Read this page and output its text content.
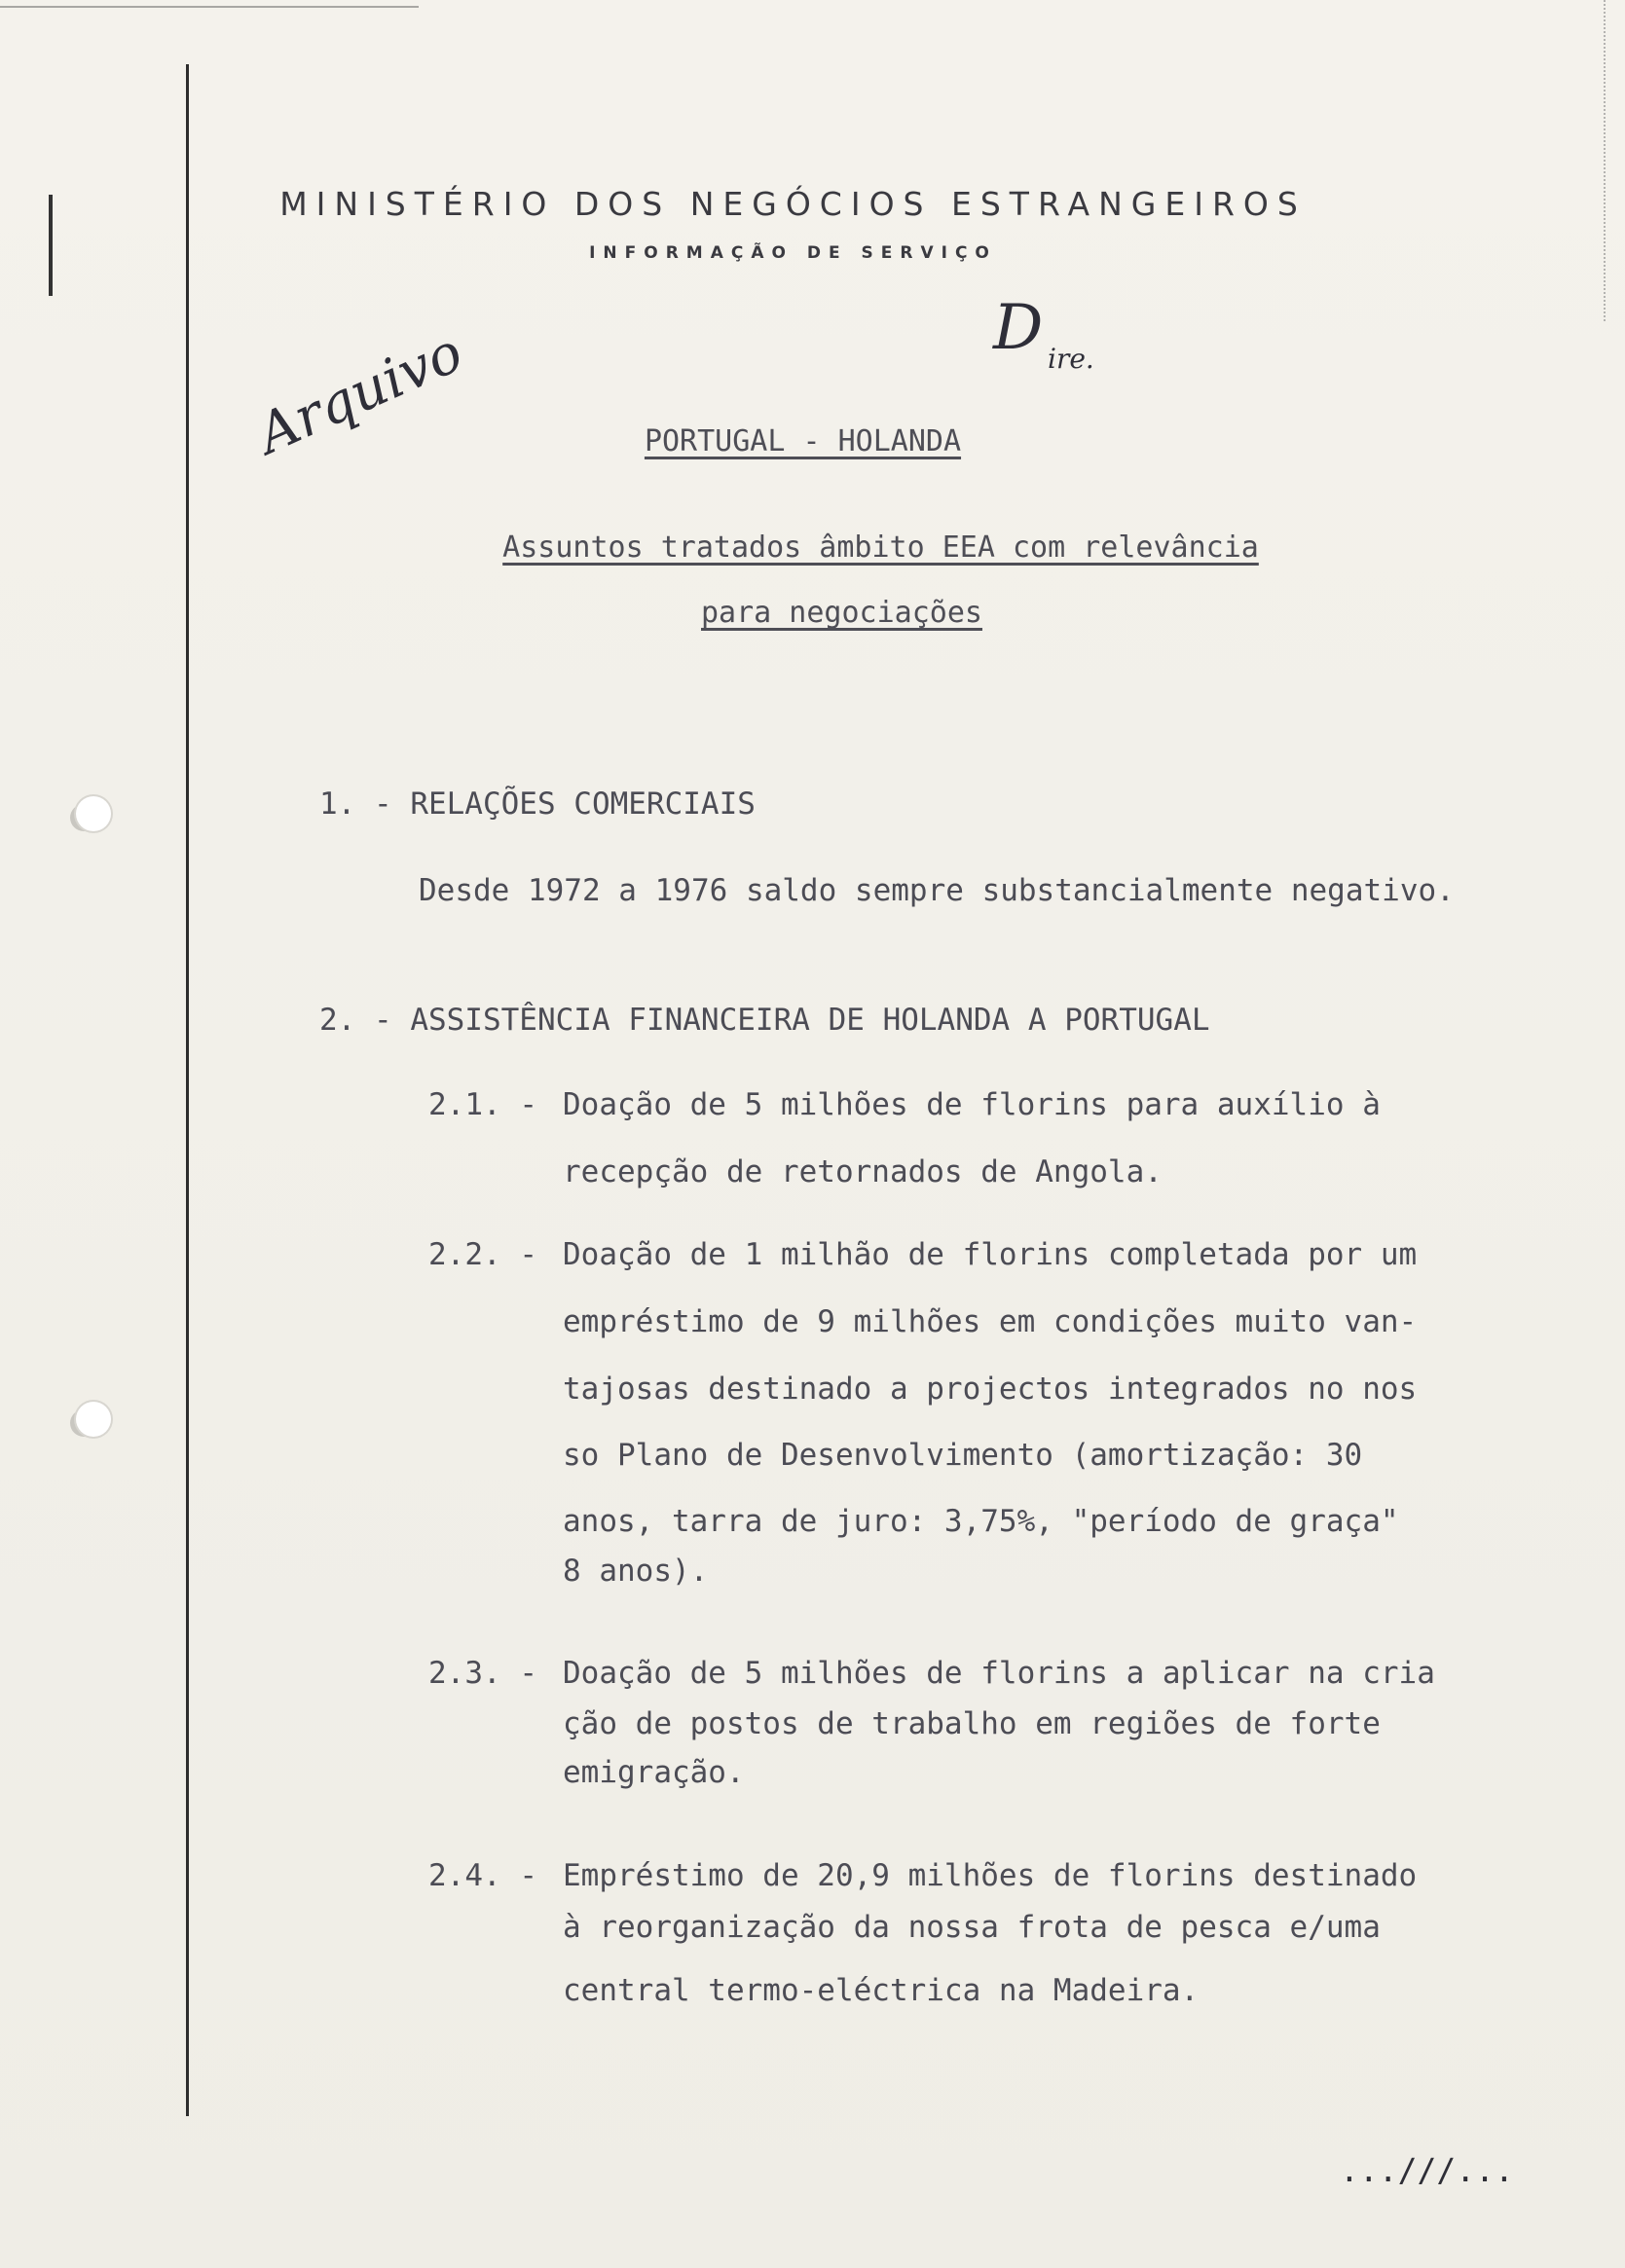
MINISTÉRIO DOS NEGÓCIOS ESTRANGEIROS
INFORMAÇÃO DE SERVIÇO
D ire.
Arquivo	PORTUGAL - HOLANDA
Assuntos tratados âmbito EEA com relevância
para negociações
1. - RELAÇÕES COMERCIAIS
Desde 1972 a 1976 saldo sempre substancialmente negativo.
2. - ASSISTÊNCIA FINANCEIRA DE HOLANDA A PORTUGAL
2.1. - Doação de 5 milhões de florins para auxílio à
recepção de retornados de Angola.
2.2. - Doação de 1 milhão de florins completada por um
empréstimo de 9 milhões em condições muito van-
tajosas destinado a projectos integrados no nos
so Plano de Desenvolvimento (amortização: 30
anos, tarra de juro: 3,75%, "período de graça"
8 anos).
2.3. - Doação de 5 milhões de florins a aplicar na cria
ção de postos de trabalho em regiões de forte
emigração.
2.4. - Empréstimo de 20,9 milhões de florins destinado
à reorganização da nossa frota de pesca e/uma
central termo-eléctrica na Madeira.
...///...
